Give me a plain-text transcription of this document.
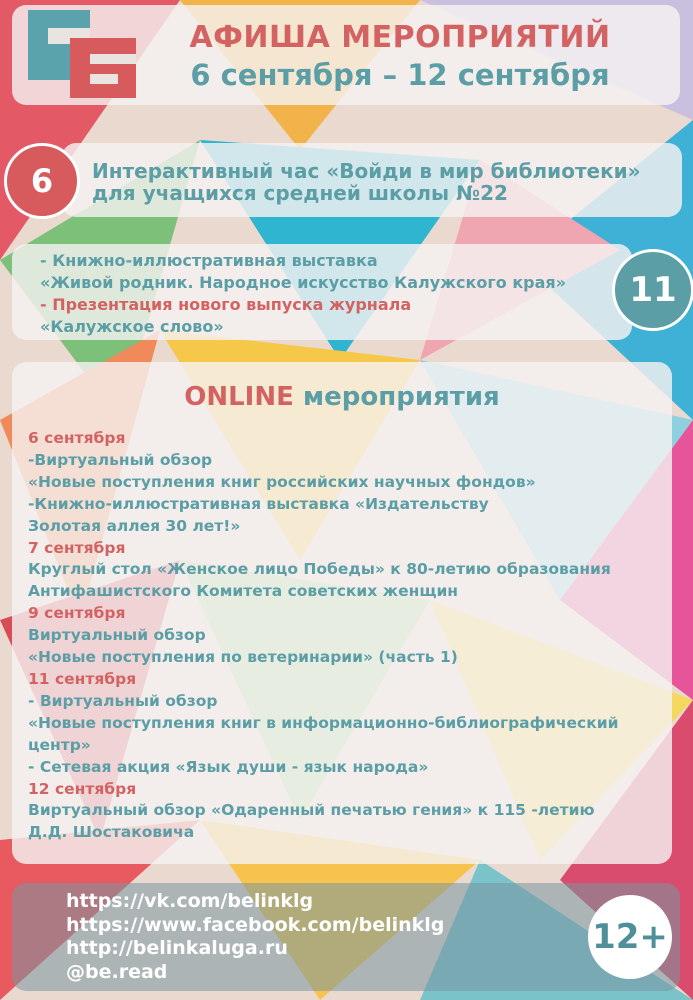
АФИША МЕРОПРИЯТИЙ
6 сентября – 12 сентября
6	Интерактивный час «Войди в мир библиотеки»
для учащихся средней школы №22
11
- Книжно-иллюстративная выставка
«Живой родник. Народное искусство Калужского края»
- Презентация нового выпуска журнала
«Калужское слово»
ONLINE мероприятия
6 сентября
-Виртуальный обзор
«Новые поступления книг российских научных фондов»
-Книжно-иллюстративная выставка «Издательству
Золотая аллея 30 лет!»
7 сентября
Круглый стол «Женское лицо Победы» к 80-летию образования
Антифашистского Комитета советских женщин
9 сентября
Виртуальный обзор
«Новые поступления по ветеринарии» (часть 1)
11 сентября
- Виртуальный обзор
«Новые поступления книг в информационно-библиографический
центр»
- Сетевая акция «Язык души - язык народа»
12 сентября
Виртуальный обзор «Одаренный печатью гения» к 115 -летию
Д.Д. Шостаковича
https://vk.com/belinklg
https://www.facebook.com/belinklg
http://belinkaluga.ru
@be.read
12+
